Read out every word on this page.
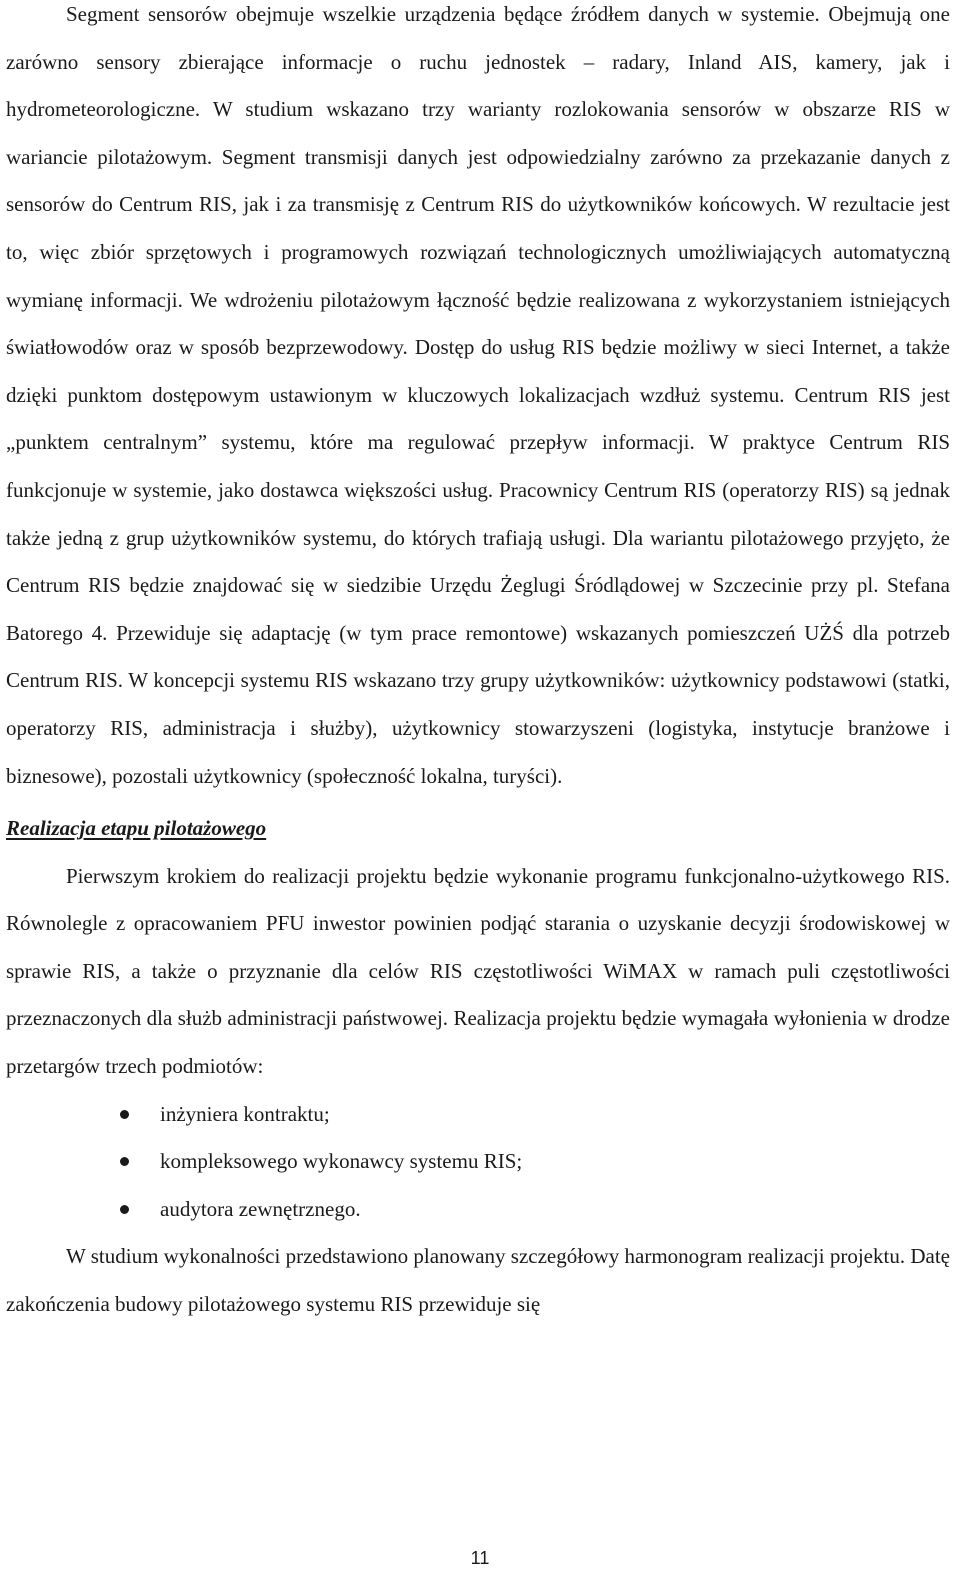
Segment sensorów obejmuje wszelkie urządzenia będące źródłem danych w systemie. Obejmują one zarówno sensory zbierające informacje o ruchu jednostek – radary, Inland AIS, kamery, jak i hydrometeorologiczne. W studium wskazano trzy warianty rozlokowania sensorów w obszarze RIS w wariancie pilotażowym. Segment transmisji danych jest odpowiedzialny zarówno za przekazanie danych z sensorów do Centrum RIS, jak i za transmisję z Centrum RIS do użytkowników końcowych. W rezultacie jest to, więc zbiór sprzętowych i programowych rozwiązań technologicznych umożliwiających automatyczną wymianę informacji. We wdrożeniu pilotażowym łączność będzie realizowana z wykorzystaniem istniejących światłowodów oraz w sposób bezprzewodowy. Dostęp do usług RIS będzie możliwy w sieci Internet, a także dzięki punktom dostępowym ustawionym w kluczowych lokalizacjach wzdłuż systemu. Centrum RIS jest „punktem centralnym” systemu, które ma regulować przepływ informacji. W praktyce Centrum RIS funkcjonuje w systemie, jako dostawca większości usług. Pracownicy Centrum RIS (operatorzy RIS) są jednak także jedną z grup użytkowników systemu, do których trafiają usługi. Dla wariantu pilotażowego przyjęto, że Centrum RIS będzie znajdować się w siedzibie Urzędu Żeglugi Śródlądowej w Szczecinie przy pl. Stefana Batorego 4. Przewiduje się adaptację (w tym prace remontowe) wskazanych pomieszczeń UŻŚ dla potrzeb Centrum RIS. W koncepcji systemu RIS wskazano trzy grupy użytkowników: użytkownicy podstawowi (statki, operatorzy RIS, administracja i służby), użytkownicy stowarzyszeni (logistyka, instytucje branżowe i biznesowe), pozostali użytkownicy (społeczność lokalna, turyści).

Realizacja etapu pilotażowego

Pierwszym krokiem do realizacji projektu będzie wykonanie programu funkcjonalno-użytkowego RIS. Równolegle z opracowaniem PFU inwestor powinien podjąć starania o uzyskanie decyzji środowiskowej w sprawie RIS, a także o przyznanie dla celów RIS częstotliwości WiMAX w ramach puli częstotliwości przeznaczonych dla służb administracji państwowej. Realizacja projektu będzie wymagała wyłonienia w drodze przetargów trzech podmiotów:

inżyniera kontraktu;
kompleksowego wykonawcy systemu RIS;
audytora zewnętrznego.

W studium wykonalności przedstawiono planowany szczegółowy harmonogram realizacji projektu. Datę zakończenia budowy pilotażowego systemu RIS przewiduje się

11
